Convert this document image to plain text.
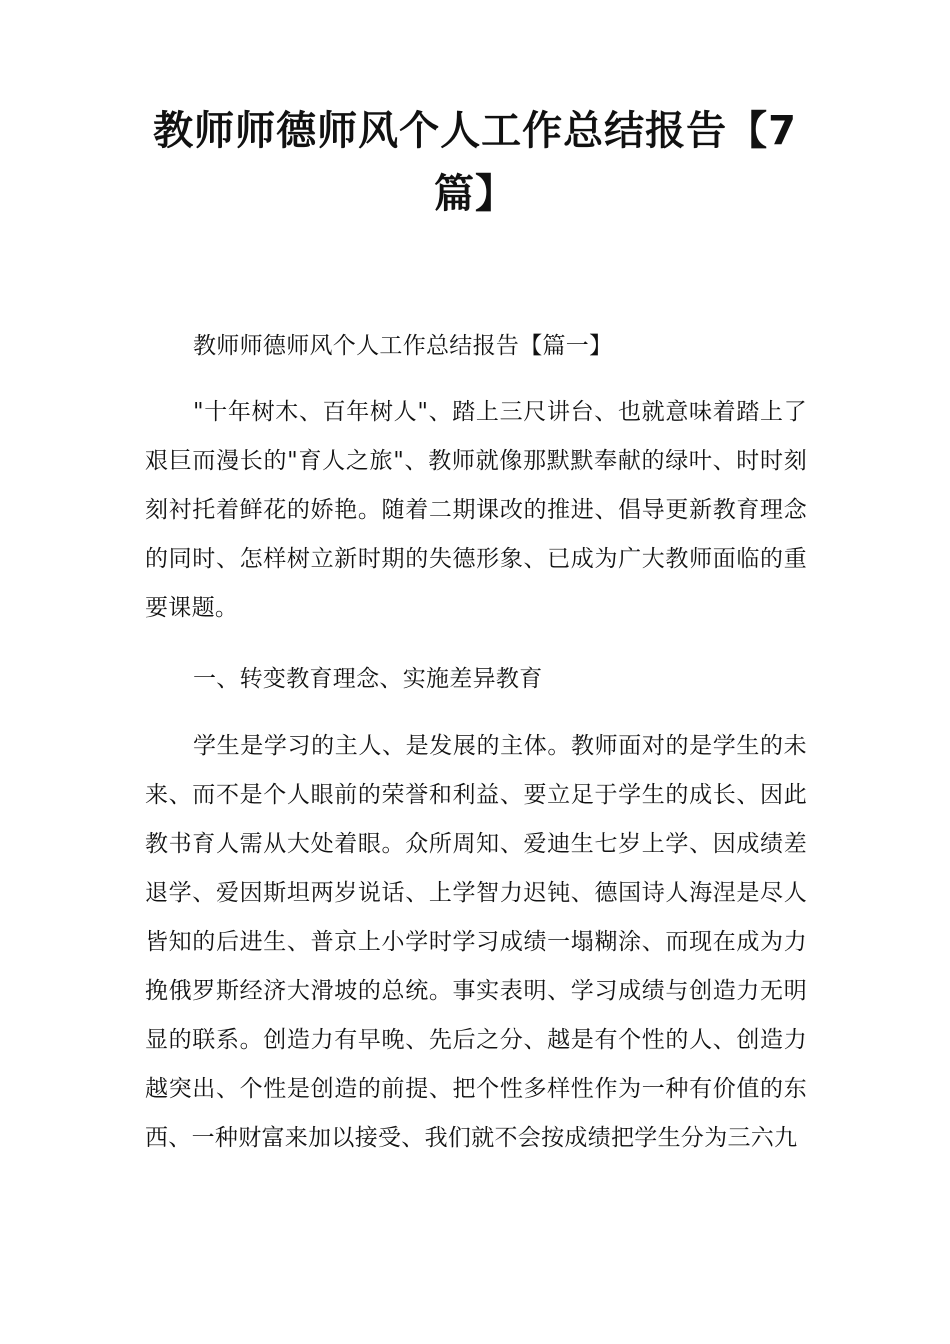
教师师德师风个人工作总结报告【7篇】

教师师德师风个人工作总结报告【篇一】

"十年树木、百年树人"、踏上三尺讲台、也就意味着踏上了艰巨而漫长的"育人之旅"、教师就像那默默奉献的绿叶、时时刻刻衬托着鲜花的娇艳。随着二期课改的推进、倡导更新教育理念的同时、怎样树立新时期的失德形象、已成为广大教师面临的重要课题。

一、转变教育理念、实施差异教育

学生是学习的主人、是发展的主体。教师面对的是学生的未来、而不是个人眼前的荣誉和利益、要立足于学生的成长、因此教书育人需从大处着眼。众所周知、爱迪生七岁上学、因成绩差退学、爱因斯坦两岁说话、上学智力迟钝、德国诗人海涅是尽人皆知的后进生、普京上小学时学习成绩一塌糊涂、而现在成为力挽俄罗斯经济大滑坡的总统。事实表明、学习成绩与创造力无明显的联系。创造力有早晚、先后之分、越是有个性的人、创造力越突出、个性是创造的前提、把个性多样性作为一种有价值的东西、一种财富来加以接受、我们就不会按成绩把学生分为三六九
